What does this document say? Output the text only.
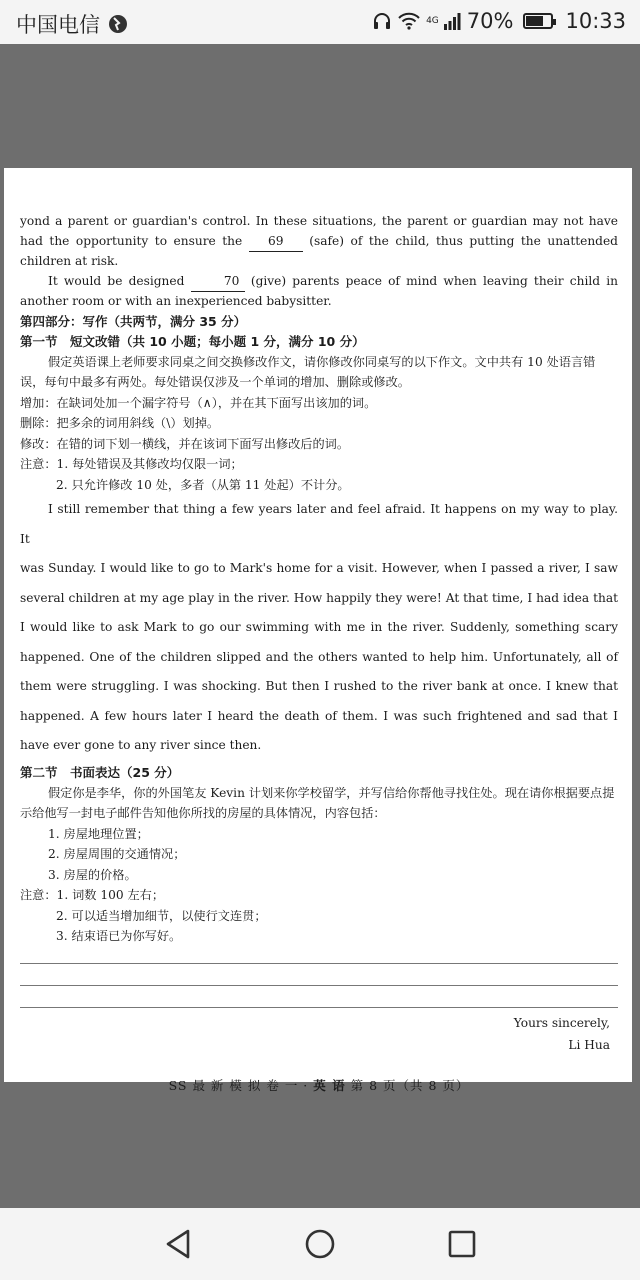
中国电信	4G 70% 10:33

yond a parent or guardian's control. In these situations, the parent or guardian may not have had the opportunity to ensure the 69 (safe) of the child, thus putting the unattended children at risk.

It would be designed	70 (give) parents peace of mind when leaving their child in another room or with an inexperienced babysitter.

第四部分：写作（共两节，满分 35 分）

第一节　短文改错（共 10 小题；每小题 1 分，满分 10 分）

假定英语课上老师要求同桌之间交换修改作文，请你修改你同桌写的以下作文。文中共有 10 处语言错误，每句中最多有两处。每处错误仅涉及一个单词的增加、删除或修改。

增加：在缺词处加一个漏字符号（∧），并在其下面写出该加的词。

删除：把多余的词用斜线（\）划掉。

修改：在错的词下划一横线，并在该词下面写出修改后的词。

注意：1. 每处错误及其修改均仅限一词；

2. 只允许修改 10 处，多者（从第 11 处起）不计分。

I still remember that thing a few years later and feel afraid. It happens on my way to play. It
was Sunday. I would like to go to Mark's home for a visit. However, when I passed a river, I saw several children at my age play in the river. How happily they were! At that time, I had idea that I would like to ask Mark to go our swimming with me in the river. Suddenly, something scary happened. One of the children slipped and the others wanted to help him. Unfortunately, all of them were struggling. I was shocking. But then I rushed to the river bank at once. I knew that happened. A few hours later I heard the death of them. I was such frightened and sad that I have ever gone to any river since then.

第二节　书面表达（25 分）

假定你是李华，你的外国笔友 Kevin 计划来你学校留学，并写信给你帮他寻找住处。现在请你根据要点提示给他写一封电子邮件告知他你所找的房屋的具体情况，内容包括：

1. 房屋地理位置；

2. 房屋周围的交通情况；

3. 房屋的价格。

注意：1. 词数 100 左右；

2. 可以适当增加细节，以使行文连贯；

3. 结束语已为你写好。

Yours sincerely,

Li Hua

SS 最 新 模 拟 卷 一 · 英 语 第 8 页（共 8 页）
